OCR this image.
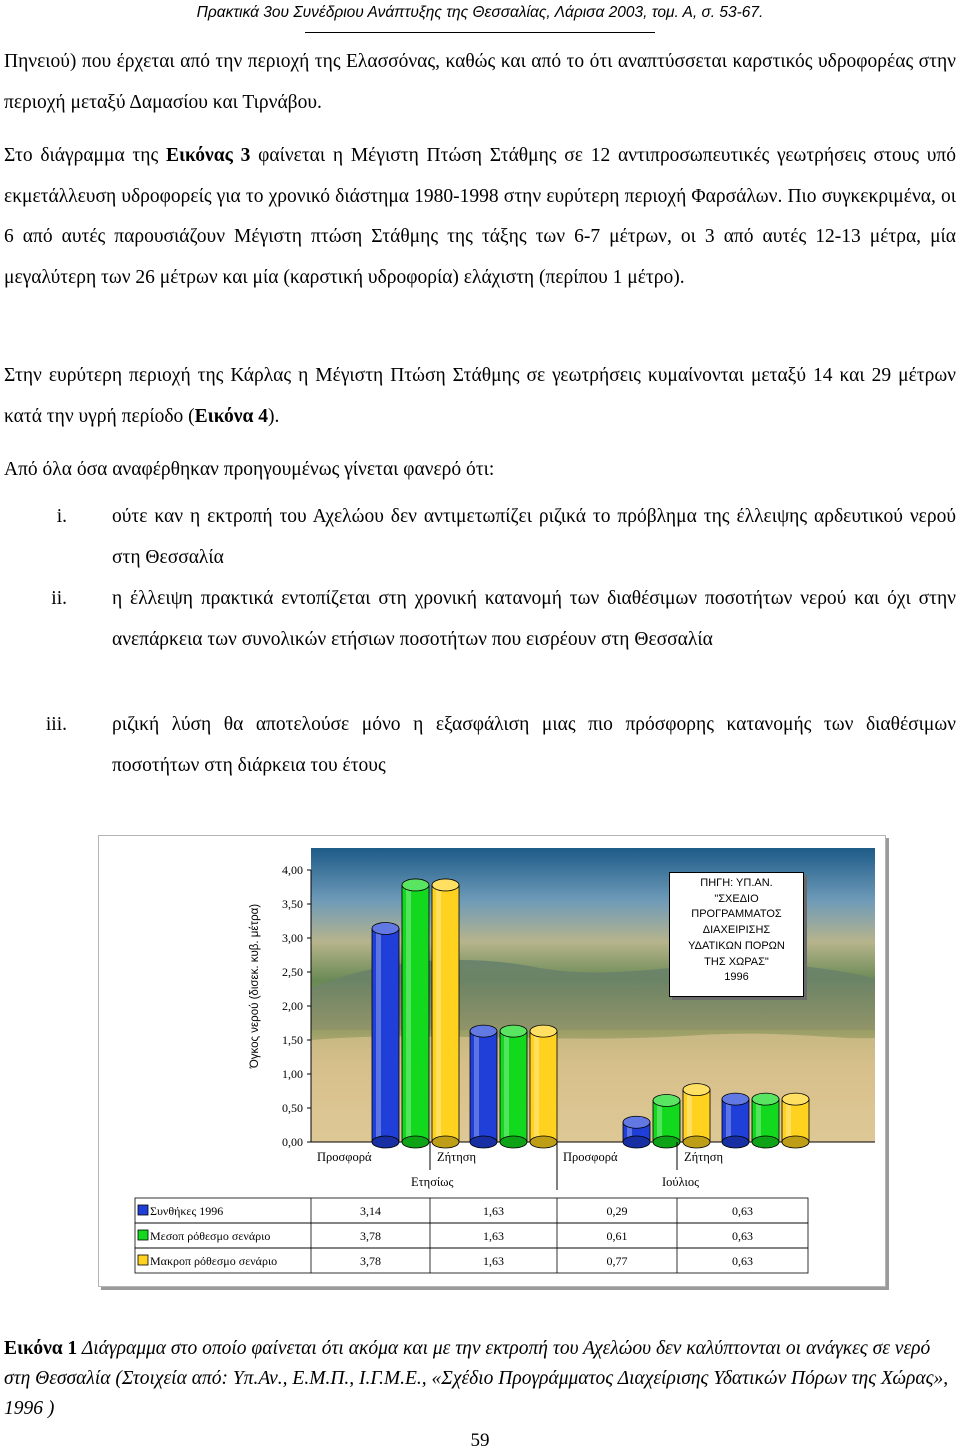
Πρακτικά 3ου Συνέδριου Ανάπτυξης της Θεσσαλίας, Λάρισα 2003, τομ. Α, σ. 53-67.
Πηνειού) που έρχεται από την περιοχή της Ελασσόνας, καθώς και από το ότι αναπτύσσεται καρστικός υδροφορέας στην περιοχή μεταξύ Δαμασίου και Τιρνάβου.
Στο διάγραμμα της Εικόνας 3 φαίνεται η Μέγιστη Πτώση Στάθμης σε 12 αντιπροσωπευτικές γεωτρήσεις στους υπό εκμετάλλευση υδροφορείς για το χρονικό διάστημα 1980-1998 στην ευρύτερη περιοχή Φαρσάλων. Πιο συγκεκριμένα, οι 6 από αυτές παρουσιάζουν Μέγιστη πτώση Στάθμης της τάξης των 6-7 μέτρων, οι 3 από αυτές 12-13 μέτρα, μία μεγαλύτερη των 26 μέτρων και μία (καρστική υδροφορία) ελάχιστη (περίπου 1 μέτρο).
Στην ευρύτερη περιοχή της Κάρλας η Μέγιστη Πτώση Στάθμης σε γεωτρήσεις κυμαίνονται μεταξύ 14 και 29 μέτρων κατά την υγρή περίοδο (Εικόνα 4).
Από όλα όσα αναφέρθηκαν προηγουμένως γίνεται φανερό ότι:
i. ούτε καν η εκτροπή του Αχελώου δεν αντιμετωπίζει ριζικά το πρόβλημα της έλλειψης αρδευτικού νερού στη Θεσσαλία
ii. η έλλειψη πρακτικά εντοπίζεται στη χρονική κατανομή των διαθέσιμων ποσοτήτων νερού και όχι στην ανεπάρκεια των συνολικών ετήσιων ποσοτήτων που εισρέουν στη Θεσσαλία
iii. ριζική λύση θα αποτελούσε μόνο η εξασφάλιση μιας πιο πρόσφορης κατανομής των διαθέσιμων ποσοτήτων στη διάρκεια του έτους
0,00
0,50
1,00
1,50
2,00
2,50
3,00
3,50
4,00
Όγκος νερού (δισεκ. κυβ. μέτρα)
Προσφορά	Ζήτηση	Προσφορά	Ζήτηση
Ετησίως	Ιούλιος
Συνθήκες 1996	3,14	1,63	0,29	0,63
Μεσοπ ρόθεσμο σενάριο	3,78	1,63	0,61	0,63
Μακροπ ρόθεσμο σενάριο	3,78	1,63	0,77	0,63
ΠΗΓΗ: ΥΠ.ΑΝ.
"ΣΧΕΔΙΟ
ΠΡΟΓΡΑΜΜΑΤΟΣ
ΔΙΑΧΕΙΡΙΣΗΣ
ΥΔΑΤΙΚΩΝ ΠΟΡΩΝ
ΤΗΣ ΧΩΡΑΣ"
1996
Εικόνα 1 Διάγραμμα στο οποίο φαίνεται ότι ακόμα και με την εκτροπή του Αχελώου δεν καλύπτονται οι ανάγκες σε νερό στη Θεσσαλία (Στοιχεία από: Υπ.Αν., Ε.Μ.Π., Ι.Γ.Μ.Ε., «Σχέδιο Προγράμματος Διαχείρισης Υδατικών Πόρων της Χώρας», 1996 )
59
